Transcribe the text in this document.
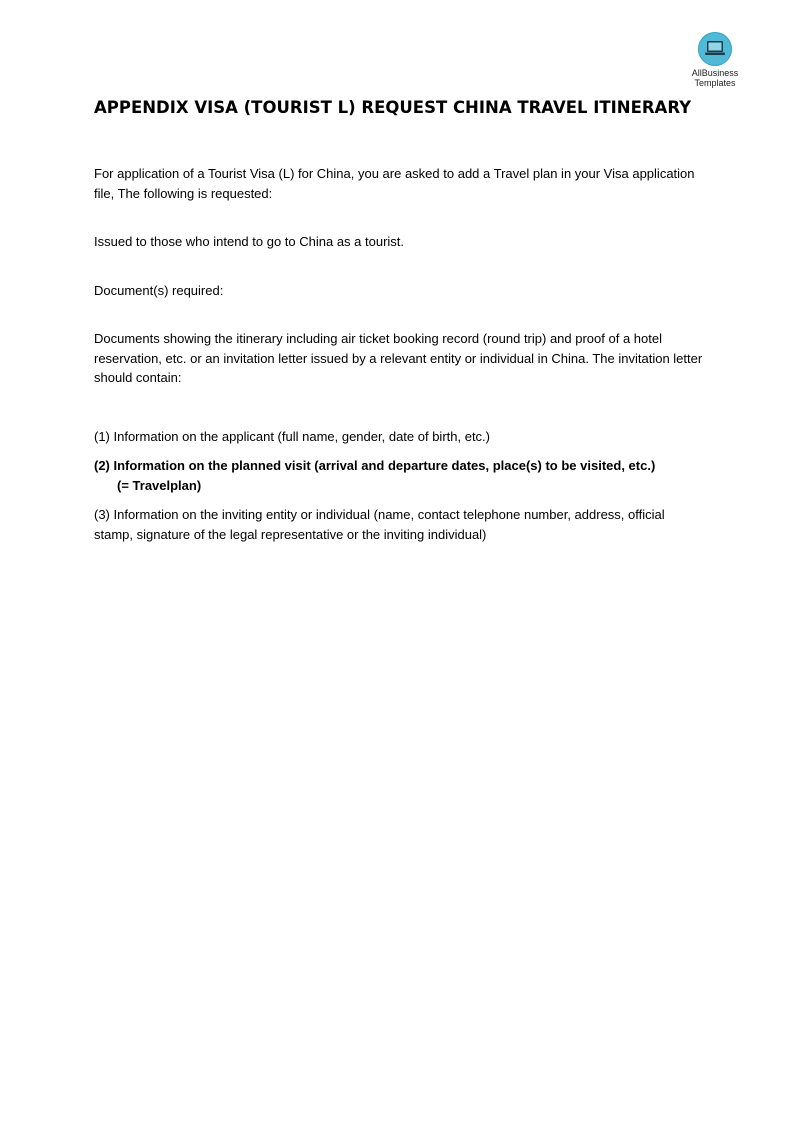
AllBusiness
Templates
APPENDIX VISA (TOURIST L) REQUEST CHINA TRAVEL ITINERARY

For application of a Tourist Visa (L) for China, you are asked to add a Travel plan in your Visa application file, The following is requested:

Issued to those who intend to go to China as a tourist.

Document(s) required:

Documents showing the itinerary including air ticket booking record (round trip) and proof of a hotel reservation, etc. or an invitation letter issued by a relevant entity or individual in China. The invitation letter should contain:

(1) Information on the applicant (full name, gender, date of birth, etc.)

(2) Information on the planned visit (arrival and departure dates, place(s) to be visited, etc.)
(= Travelplan)

(3) Information on the inviting entity or individual (name, contact telephone number, address, official stamp, signature of the legal representative or the inviting individual)
